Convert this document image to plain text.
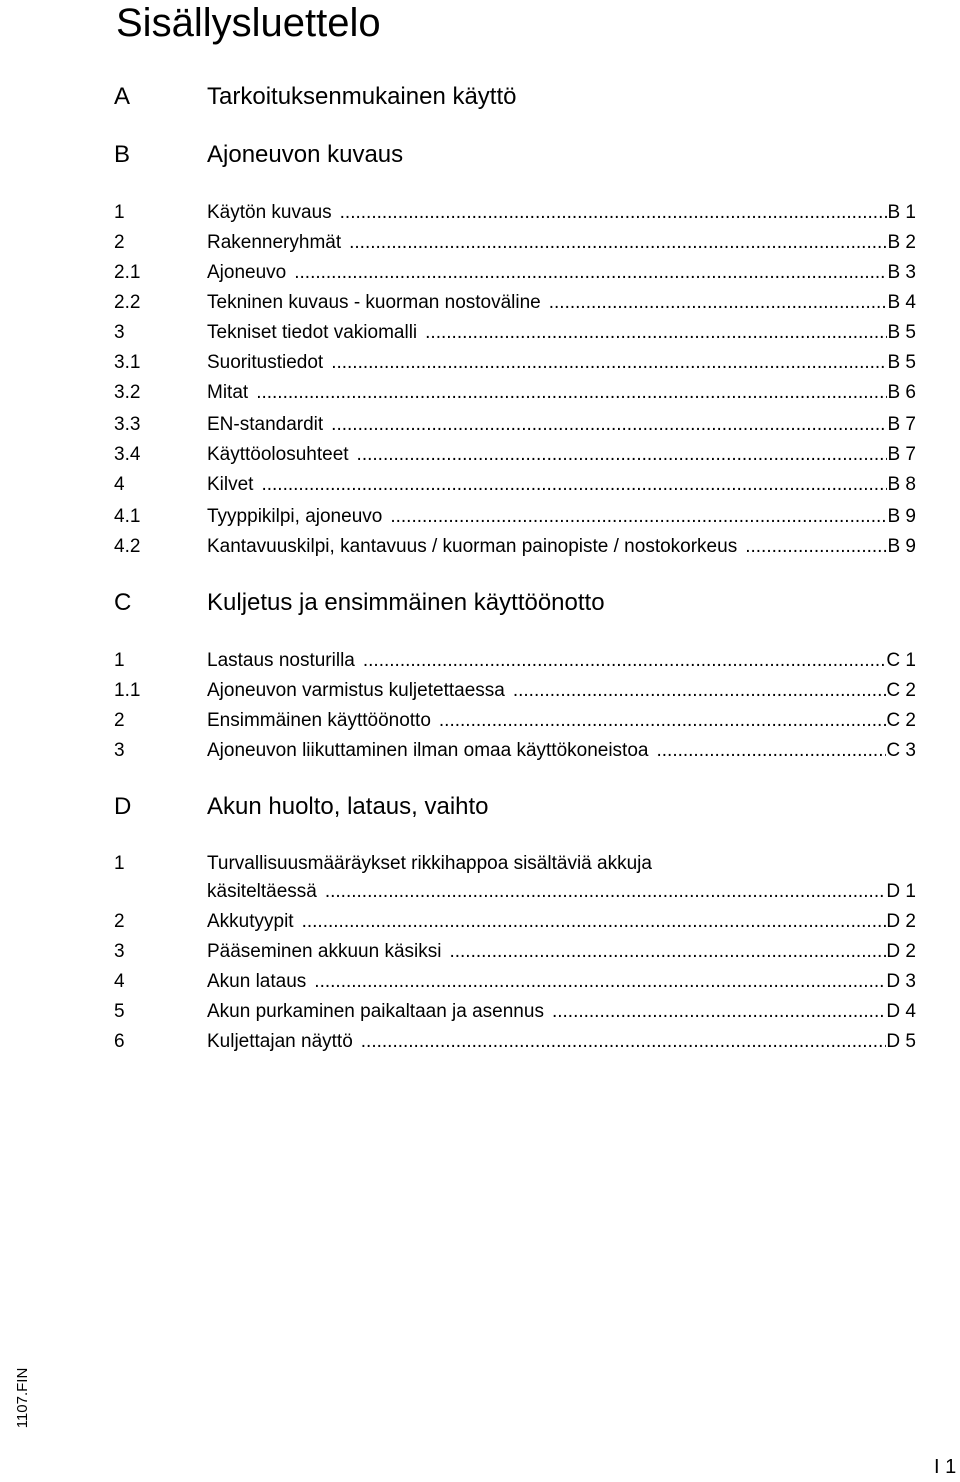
Sisällysluettelo
A	Tarkoituksenmukainen käyttö
B	Ajoneuvon kuvaus
1	Käytön kuvaus .....	B 1
2	Rakenneryhmät .....	B 2
2.1	Ajoneuvo .....	B 3
2.2	Tekninen kuvaus - kuorman nostoväline .....	B 4
3	Tekniset tiedot vakiomalli .....	B 5
3.1	Suoritustiedot .....	B 5
3.2	Mitat .....	B 6
3.3	EN-standardit .....	B 7
3.4	Käyttöolosuhteet .....	B 7
4	Kilvet .....	B 8
4.1	Tyyppikilpi, ajoneuvo .....	B 9
4.2	Kantavuuskilpi, kantavuus / kuorman painopiste / nostokorkeus .....	B 9
C	Kuljetus ja ensimmäinen käyttöönotto
1	Lastaus nosturilla .....	C 1
1.1	Ajoneuvon varmistus kuljetettaessa .....	C 2
2	Ensimmäinen käyttöönotto .....	C 2
3	Ajoneuvon liikuttaminen ilman omaa käyttökoneistoa .....	C 3
D	Akun huolto, lataus, vaihto
1	Turvallisuusmääräykset rikkihappoa sisältäviä akkuja
käsiteltäessä .....	D 1
2	Akkutyypit .....	D 2
3	Pääseminen akkuun käsiksi .....	D 2
4	Akun lataus .....	D 3
5	Akun purkaminen paikaltaan ja asennus .....	D 4
6	Kuljettajan näyttö .....	D 5
1107.FIN
I 1
